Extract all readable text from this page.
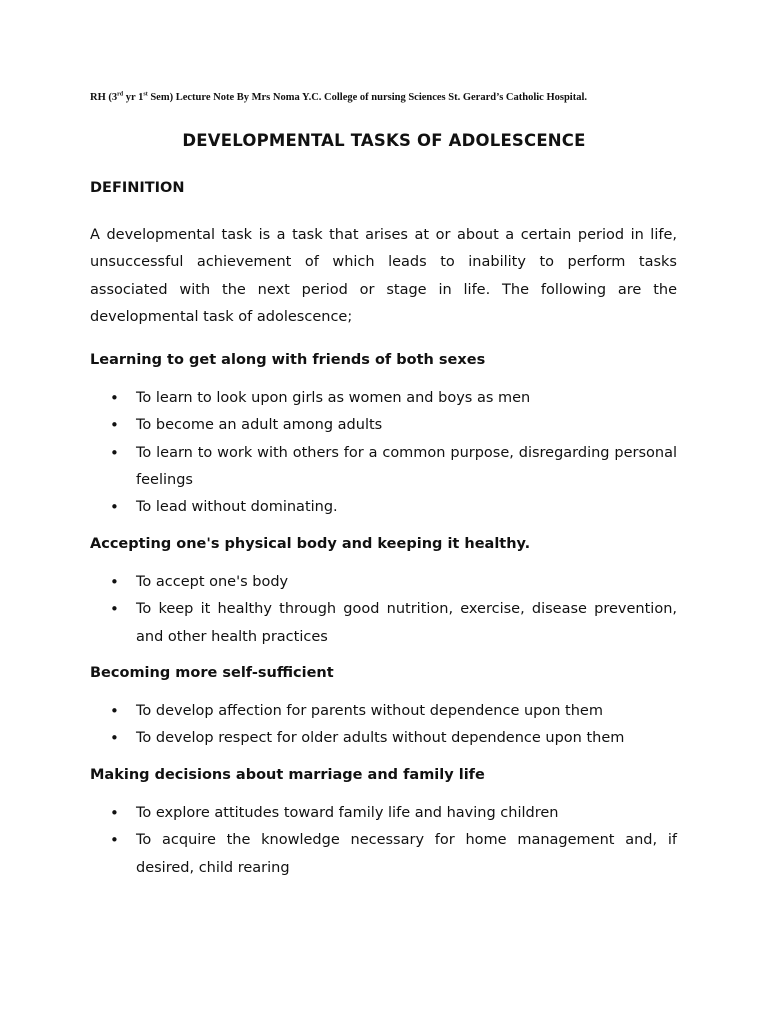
RH (3rd yr 1st Sem) Lecture Note By Mrs Noma Y.C. College of nursing Sciences St. Gerard’s Catholic Hospital.
DEVELOPMENTAL TASKS OF ADOLESCENCE
DEFINITION

A developmental task is a task that arises at or about a certain period in life, unsuccessful achievement of which leads to inability to perform tasks associated with the next period or stage in life. The following are the developmental task of adolescence;

Learning to get along with friends of both sexes
• To learn to look upon girls as women and boys as men
• To become an adult among adults
• To learn to work with others for a common purpose, disregarding personal feelings
• To lead without dominating.
Accepting one's physical body and keeping it healthy.
• To accept one's body
• To keep it healthy through good nutrition, exercise, disease prevention, and other health practices
Becoming more self-sufficient
• To develop affection for parents without dependence upon them
• To develop respect for older adults without dependence upon them
Making decisions about marriage and family life
• To explore attitudes toward family life and having children
• To acquire the knowledge necessary for home management and, if desired, child rearing
